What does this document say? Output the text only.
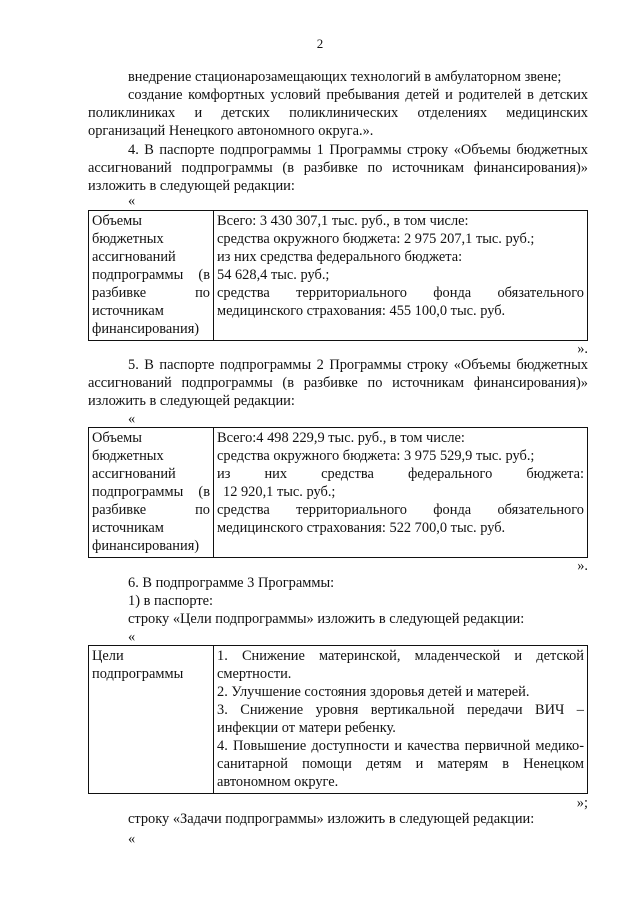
2

внедрение стационарозамещающих технологий в амбулаторном звене;

создание комфортных условий пребывания детей и родителей в детских поликлиниках и детских поликлинических отделениях медицинских организаций Ненецкого автономного округа.».

4. В паспорте подпрограммы 1 Программы строку «Объемы бюджетных ассигнований подпрограммы (в разбивке по источникам финансирования)» изложить в следующей редакции:

«
Объемы
бюджетных
ассигнований
подпрограммы (в
разбивке по
источникам
финансирования)

Всего: 3 430 307,1 тыс. руб., в том числе:
средства окружного бюджета: 2 975 207,1 тыс. руб.;
из них средства федерального бюджета:
54 628,4 тыс. руб.;
средства территориального фонда обязательного
медицинского страхования: 455 100,0 тыс. руб.
».

5. В паспорте подпрограммы 2 Программы строку «Объемы бюджетных ассигнований подпрограммы (в разбивке по источникам финансирования)» изложить в следующей редакции:

«
Объемы
бюджетных
ассигнований
подпрограммы (в
разбивке по
источникам
финансирования)

Всего:4 498 229,9 тыс. руб., в том числе:
средства окружного бюджета: 3 975 529,9 тыс. руб.;
из них средства федерального бюджета:
12 920,1 тыс. руб.;
средства территориального фонда обязательного
медицинского страхования: 522 700,0 тыс. руб.
».

6. В подпрограмме 3 Программы:

1) в паспорте:

строку «Цели подпрограммы» изложить в следующей редакции:

«
Цели
подпрограммы

1. Снижение материнской, младенческой и детской смертности.
2. Улучшение состояния здоровья детей и матерей.
3. Снижение уровня вертикальной передачи ВИЧ – инфекции от матери ребенку.
4. Повышение доступности и качества первичной медико-санитарной помощи детям и матерям в Ненецком автономном округе.
»;

строку «Задачи подпрограммы» изложить в следующей редакции:

«
